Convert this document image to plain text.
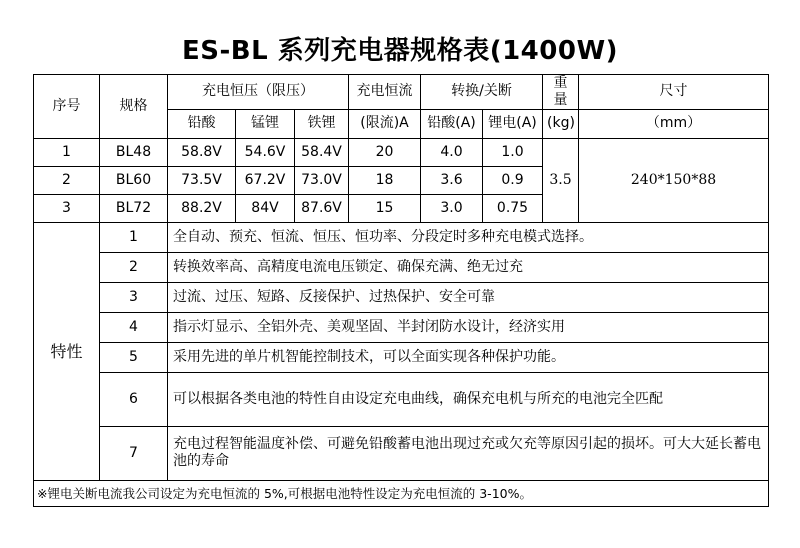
ES-BL 系列充电器规格表(1400W)
序号	规格	充电恒压（限压）			充电恒流	转换/关断		重量	尺寸
		铅酸	锰锂	铁锂	(限流)A	铅酸(A)	锂电(A)	(kg)	（mm）
1	BL48	58.8V	54.6V	58.4V	20	4.0	1.0	3.5	240*150*88
2	BL60	73.5V	67.2V	73.0V	18	3.6	0.9		
3	BL72	88.2V	84V	87.6V	15	3.0	0.75		
特性	1	全自动、预充、恒流、恒压、恒功率、分段定时多种充电模式选择。							
	2	转换效率高、高精度电流电压锁定、确保充满、绝无过充							
	3	过流、过压、短路、反接保护、过热保护、安全可靠							
	4	指示灯显示、全铝外壳、美观坚固、半封闭防水设计，经济实用							
	5	采用先进的单片机智能控制技术，可以全面实现各种保护功能。							
	6	可以根据各类电池的特性自由设定充电曲线，确保充电机与所充的电池完全匹配							
	7	充电过程智能温度补偿、可避免铅酸蓄电池出现过充或欠充等原因引起的损坏。可大大延长蓄电池的寿命							
※锂电关断电流我公司设定为充电恒流的 5%,可根据电池特性设定为充电恒流的 3-10%。									
